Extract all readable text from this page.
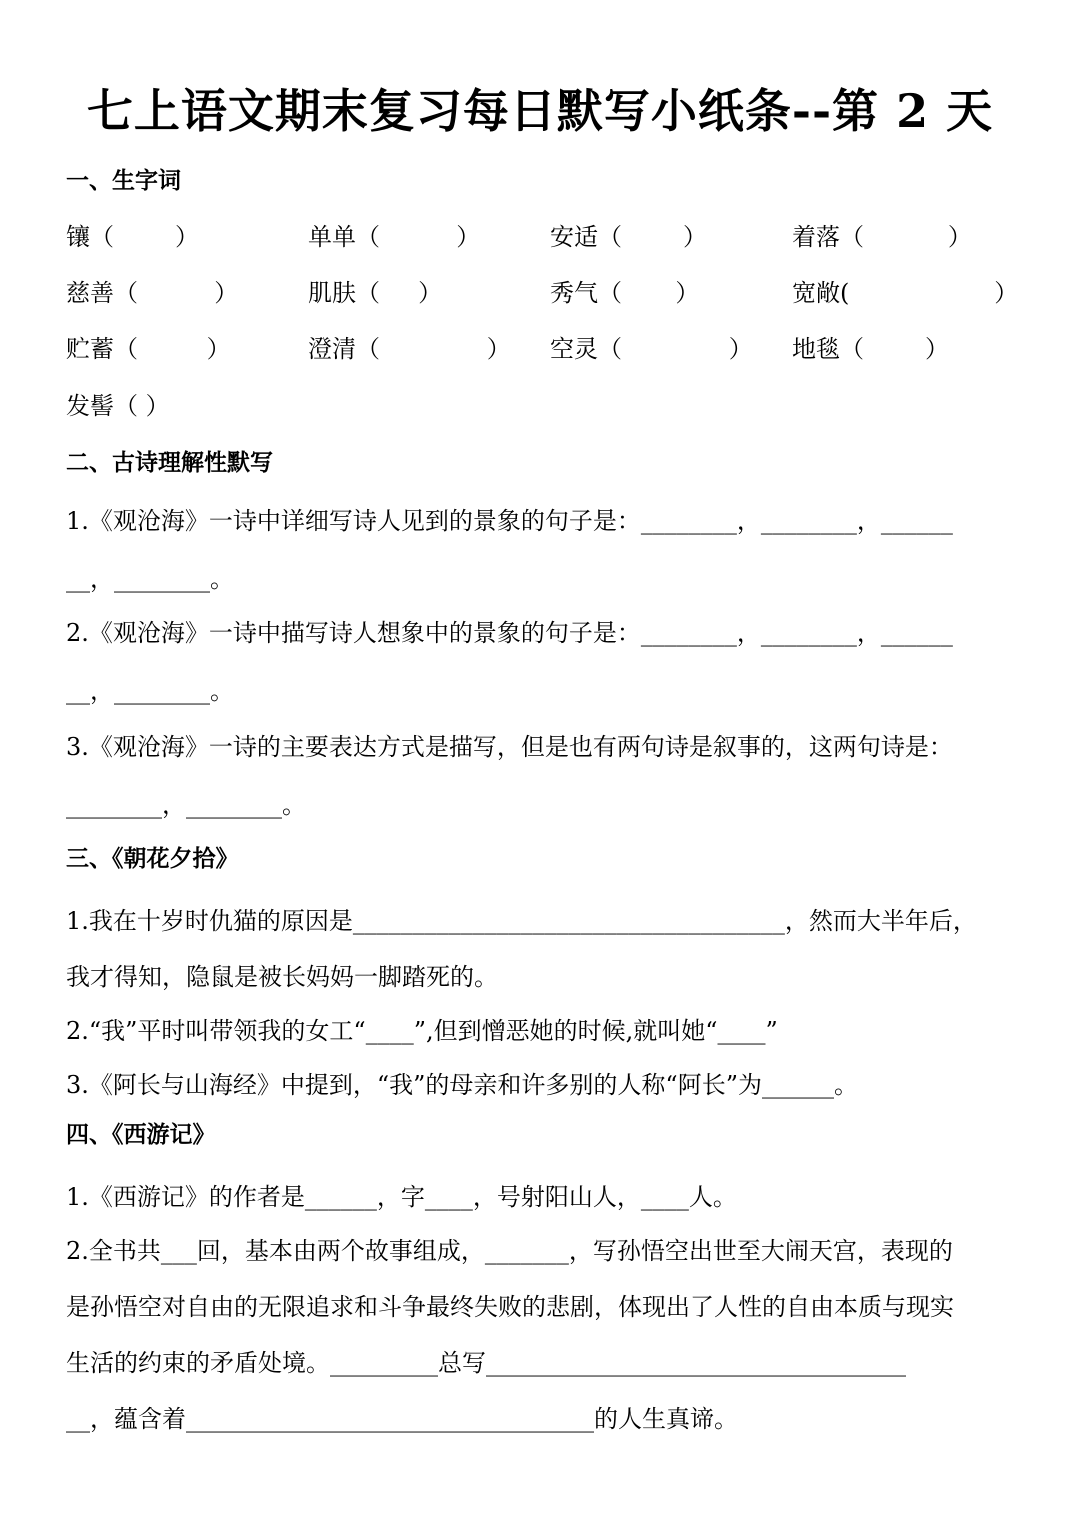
七上语文期末复习每日默写小纸条--第 2 天
一、生字词
镶（        ）	单单（          ）	安适（        ）	着落（           ）
慈善（          ）	肌肤（     ）	秀气（       ）	宽敞(                   ）
贮蓄（         ）	澄清（              ） 空灵（              ） 地毯（        ）
发髻（ ）
二、古诗理解性默写
1.《观沧海》一诗中详细写诗人见到的景象的句子是：________，________，______
__，________。
2.《观沧海》一诗中描写诗人想象中的景象的句子是：________，________，______
__，________。
3.《观沧海》一诗的主要表达方式是描写，但是也有两句诗是叙事的，这两句诗是：
________，________。
三、《朝花夕拾》
1.我在十岁时仇猫的原因是____________________________________，然而大半年后，
我才得知，隐鼠是被长妈妈一脚踏死的。
2.“我”平时叫带领我的女工“____”,但到憎恶她的时候,就叫她“____”
3.《阿长与山海经》中提到，“我”的母亲和许多别的人称“阿长”为______。
四、《西游记》
1.《西游记》的作者是______，字____，号射阳山人，____人。
2.全书共___回，基本由两个故事组成，_______，写孙悟空出世至大闹天宫，表现的
是孙悟空对自由的无限追求和斗争最终失败的悲剧，体现出了人性的自由本质与现实
生活的约束的矛盾处境。_________总写___________________________________
__，蕴含着__________________________________的人生真谛。
